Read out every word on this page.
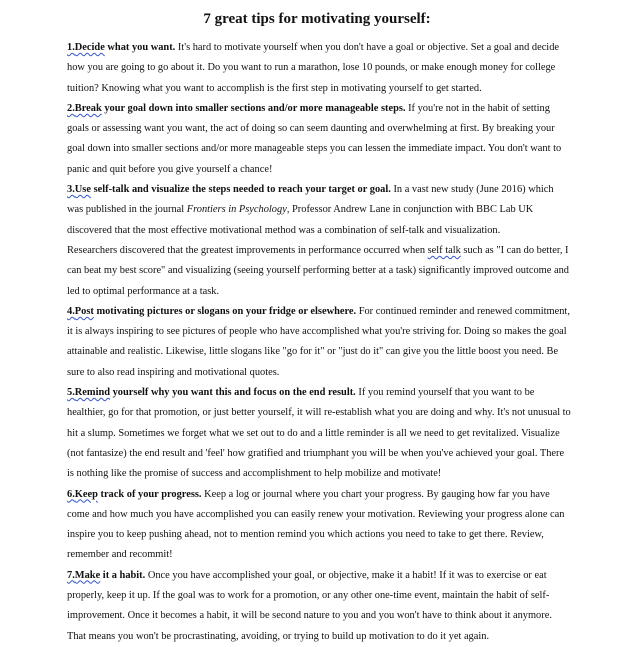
7 great tips for motivating yourself:

1.Decide what you want. It's hard to motivate yourself when you don't have a goal or objective. Set a goal and decide how you are going to go about it. Do you want to run a marathon, lose 10 pounds, or make enough money for college tuition? Knowing what you want to accomplish is the first step in motivating yourself to get started.

2.Break your goal down into smaller sections and/or more manageable steps. If you're not in the habit of setting goals or assessing want you want, the act of doing so can seem daunting and overwhelming at first. By breaking your goal down into smaller sections and/or more manageable steps you can lessen the immediate impact. You don't want to panic and quit before you give yourself a chance!

3.Use self-talk and visualize the steps needed to reach your target or goal. In a vast new study (June 2016) which was published in the journal Frontiers in Psychology, Professor Andrew Lane in conjunction with BBC Lab UK discovered that the most effective motivational method was a combination of self-talk and visualization.

Researchers discovered that the greatest improvements in performance occurred when self talk such as "I can do better, I can beat my best score" and visualizing (seeing yourself performing better at a task) significantly improved outcome and led to optimal performance at a task.

4.Post motivating pictures or slogans on your fridge or elsewhere. For continued reminder and renewed commitment, it is always inspiring to see pictures of people who have accomplished what you're striving for. Doing so makes the goal attainable and realistic. Likewise, little slogans like "go for it" or "just do it" can give you the little boost you need. Be sure to also read inspiring and motivational quotes.

5.Remind yourself why you want this and focus on the end result. If you remind yourself that you want to be healthier, go for that promotion, or just better yourself, it will re-establish what you are doing and why. It's not unusual to hit a slump. Sometimes we forget what we set out to do and a little reminder is all we need to get revitalized. Visualize (not fantasize) the end result and 'feel' how gratified and triumphant you will be when you've achieved your goal. There is nothing like the promise of success and accomplishment to help mobilize and motivate!

6.Keep track of your progress. Keep a log or journal where you chart your progress. By gauging how far you have come and how much you have accomplished you can easily renew your motivation. Reviewing your progress alone can inspire you to keep pushing ahead, not to mention remind you which actions you need to take to get there. Review, remember and recommit!

7.Make it a habit. Once you have accomplished your goal, or objective, make it a habit! If it was to exercise or eat properly, keep it up. If the goal was to work for a promotion, or any other one-time event, maintain the habit of self-improvement. Once it becomes a habit, it will be second nature to you and you won't have to think about it anymore. That means you won't be procrastinating, avoiding, or trying to build up motivation to do it yet again.
